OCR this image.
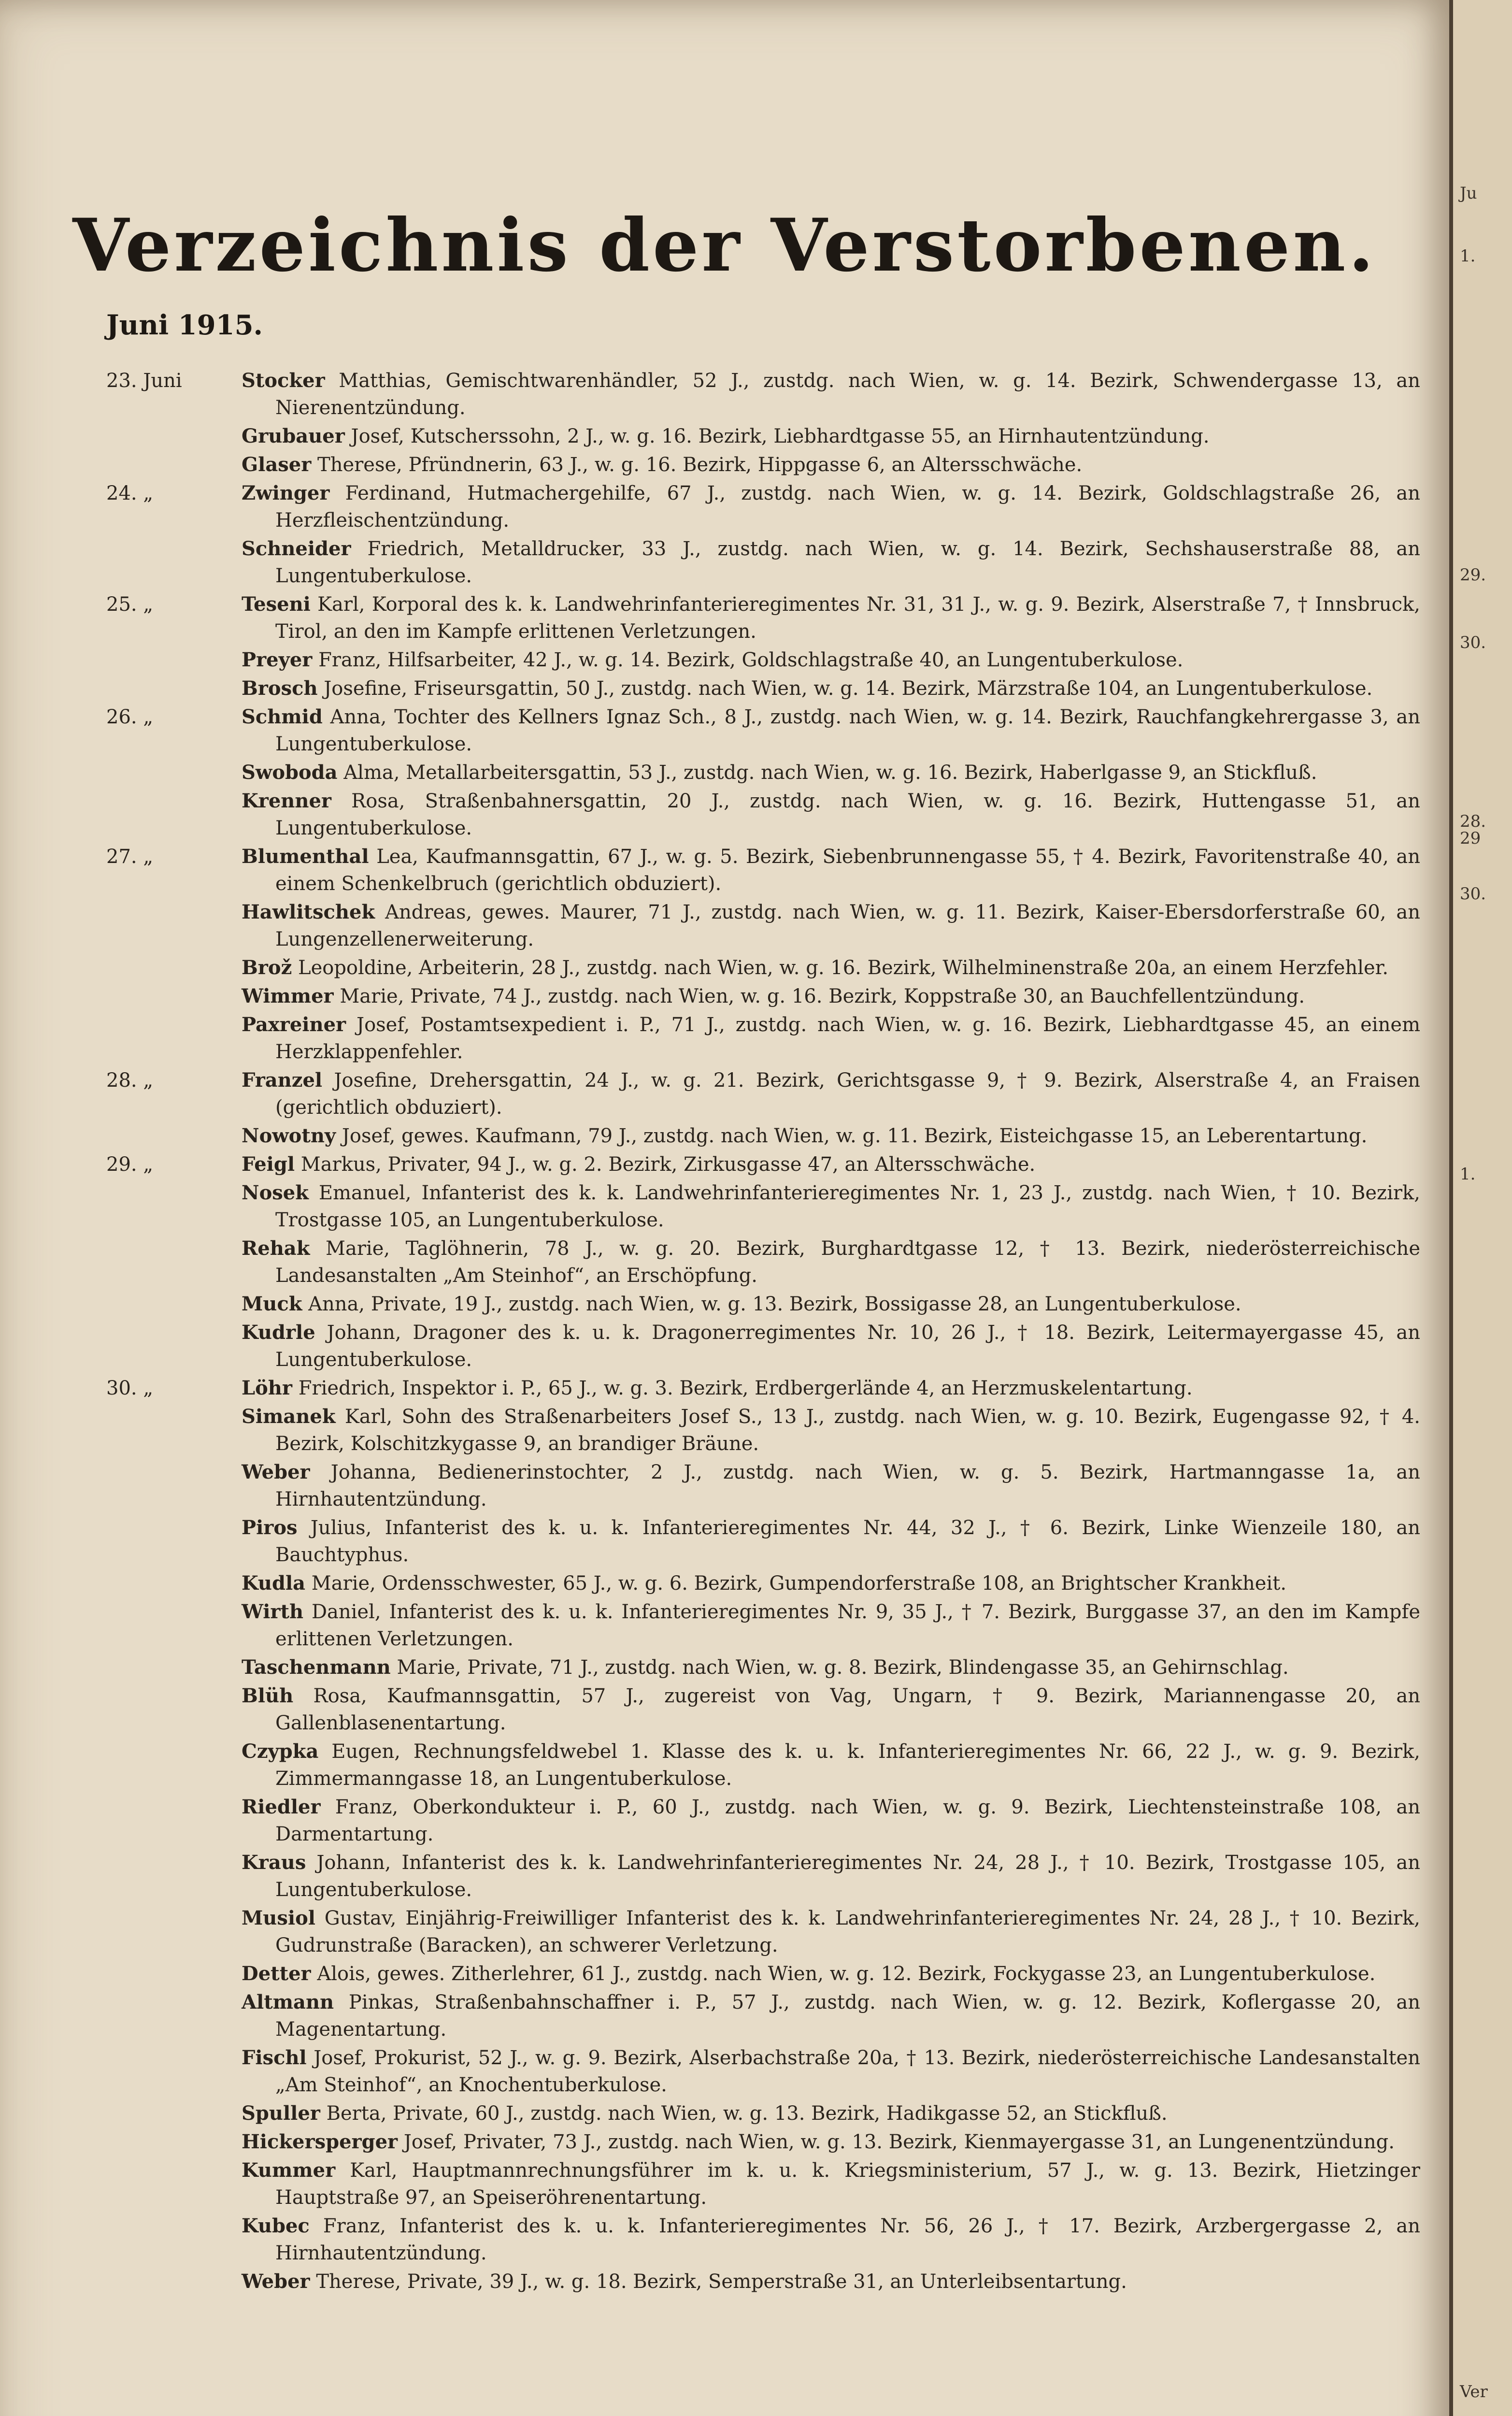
Verzeichnis der Verstorbenen.
Juni 1915.
23. Juni	Stocker Matthias, Gemischtwarenhändler, 52 J., zustdg. nach Wien, w. g. 14. Bezirk, Schwendergasse 13, an Nierenentzündung.
Grubauer Josef, Kutscherssohn, 2 J., w. g. 16. Bezirk, Liebhardtgasse 55, an Hirnhautentzündung.
Glaser Therese, Pfründnerin, 63 J., w. g. 16. Bezirk, Hippgasse 6, an Altersschwäche.
24. „	Zwinger Ferdinand, Hutmachergehilfe, 67 J., zustdg. nach Wien, w. g. 14. Bezirk, Goldschlagstraße 26, an Herzfleischentzündung.
Schneider Friedrich, Metalldrucker, 33 J., zustdg. nach Wien, w. g. 14. Bezirk, Sechshauserstraße 88, an Lungentuberkulose.
25. „	Teseni Karl, Korporal des k. k. Landwehrinfanterieregimentes Nr. 31, 31 J., w. g. 9. Bezirk, Alserstraße 7, † Innsbruck, Tirol, an den im Kampfe erlittenen Verletzungen.
Preyer Franz, Hilfsarbeiter, 42 J., w. g. 14. Bezirk, Goldschlagstraße 40, an Lungentuberkulose.
Brosch Josefine, Friseursgattin, 50 J., zustdg. nach Wien, w. g. 14. Bezirk, Märzstraße 104, an Lungentuberkulose.
26. „	Schmid Anna, Tochter des Kellners Ignaz Sch., 8 J., zustdg. nach Wien, w. g. 14. Bezirk, Rauchfangkehrergasse 3, an Lungentuberkulose.
Swoboda Alma, Metallarbeitersgattin, 53 J., zustdg. nach Wien, w. g. 16. Bezirk, Haberlgasse 9, an Stickfluß.
Krenner Rosa, Straßenbahnersgattin, 20 J., zustdg. nach Wien, w. g. 16. Bezirk, Huttengasse 51, an Lungentuberkulose.
27. „	Blumenthal Lea, Kaufmannsgattin, 67 J., w. g. 5. Bezirk, Siebenbrunnengasse 55, † 4. Bezirk, Favoritenstraße 40, an einem Schenkelbruch (gerichtlich obduziert).
Hawlitschek Andreas, gewes. Maurer, 71 J., zustdg. nach Wien, w. g. 11. Bezirk, Kaiser-Ebersdorferstraße 60, an Lungenzellenerweiterung.
Brož Leopoldine, Arbeiterin, 28 J., zustdg. nach Wien, w. g. 16. Bezirk, Wilhelminenstraße 20a, an einem Herzfehler.
Wimmer Marie, Private, 74 J., zustdg. nach Wien, w. g. 16. Bezirk, Koppstraße 30, an Bauchfellentzündung.
Paxreiner Josef, Postamtsexpedient i. P., 71 J., zustdg. nach Wien, w. g. 16. Bezirk, Liebhardtgasse 45, an einem Herzklappenfehler.
28. „	Franzel Josefine, Drehersgattin, 24 J., w. g. 21. Bezirk, Gerichtsgasse 9, † 9. Bezirk, Alserstraße 4, an Fraisen (gerichtlich obduziert).
Nowotny Josef, gewes. Kaufmann, 79 J., zustdg. nach Wien, w. g. 11. Bezirk, Eisteichgasse 15, an Leberentartung.
29. „	Feigl Markus, Privater, 94 J., w. g. 2. Bezirk, Zirkusgasse 47, an Altersschwäche.
Nosek Emanuel, Infanterist des k. k. Landwehrinfanterieregimentes Nr. 1, 23 J., zustdg. nach Wien, † 10. Bezirk, Trostgasse 105, an Lungentuberkulose.
Rehak Marie, Taglöhnerin, 78 J., w. g. 20. Bezirk, Burghardtgasse 12, † 13. Bezirk, niederösterreichische Landesanstalten „Am Steinhof“, an Erschöpfung.
Muck Anna, Private, 19 J., zustdg. nach Wien, w. g. 13. Bezirk, Bossigasse 28, an Lungentuberkulose.
Kudrle Johann, Dragoner des k. u. k. Dragonerregimentes Nr. 10, 26 J., † 18. Bezirk, Leitermayergasse 45, an Lungentuberkulose.
30. „	Löhr Friedrich, Inspektor i. P., 65 J., w. g. 3. Bezirk, Erdbergerlände 4, an Herzmuskelentartung.
Simanek Karl, Sohn des Straßenarbeiters Josef S., 13 J., zustdg. nach Wien, w. g. 10. Bezirk, Eugengasse 92, † 4. Bezirk, Kolschitzkygasse 9, an brandiger Bräune.
Weber Johanna, Bedienerinstochter, 2 J., zustdg. nach Wien, w. g. 5. Bezirk, Hartmanngasse 1a, an Hirnhautentzündung.
Piros Julius, Infanterist des k. u. k. Infanterieregimentes Nr. 44, 32 J., † 6. Bezirk, Linke Wienzeile 180, an Bauchtyphus.
Kudla Marie, Ordensschwester, 65 J., w. g. 6. Bezirk, Gumpendorferstraße 108, an Brightscher Krankheit.
Wirth Daniel, Infanterist des k. u. k. Infanterieregimentes Nr. 9, 35 J., † 7. Bezirk, Burggasse 37, an den im Kampfe erlittenen Verletzungen.
Taschenmann Marie, Private, 71 J., zustdg. nach Wien, w. g. 8. Bezirk, Blindengasse 35, an Gehirnschlag.
Blüh Rosa, Kaufmannsgattin, 57 J., zugereist von Vag, Ungarn, † 9. Bezirk, Mariannengasse 20, an Gallenblasenentartung.
Czypka Eugen, Rechnungsfeldwebel 1. Klasse des k. u. k. Infanterieregimentes Nr. 66, 22 J., w. g. 9. Bezirk, Zimmermanngasse 18, an Lungentuberkulose.
Riedler Franz, Oberkondukteur i. P., 60 J., zustdg. nach Wien, w. g. 9. Bezirk, Liechtensteinstraße 108, an Darmentartung.
Kraus Johann, Infanterist des k. k. Landwehrinfanterieregimentes Nr. 24, 28 J., † 10. Bezirk, Trostgasse 105, an Lungentuberkulose.
Musiol Gustav, Einjährig-Freiwilliger Infanterist des k. k. Landwehrinfanterieregimentes Nr. 24, 28 J., † 10. Bezirk, Gudrunstraße (Baracken), an schwerer Verletzung.
Detter Alois, gewes. Zitherlehrer, 61 J., zustdg. nach Wien, w. g. 12. Bezirk, Fockygasse 23, an Lungentuberkulose.
Altmann Pinkas, Straßenbahnschaffner i. P., 57 J., zustdg. nach Wien, w. g. 12. Bezirk, Koflergasse 20, an Magenentartung.
Fischl Josef, Prokurist, 52 J., w. g. 9. Bezirk, Alserbachstraße 20a, † 13. Bezirk, niederösterreichische Landesanstalten „Am Steinhof“, an Knochentuberkulose.
Spuller Berta, Private, 60 J., zustdg. nach Wien, w. g. 13. Bezirk, Hadikgasse 52, an Stickfluß.
Hickersperger Josef, Privater, 73 J., zustdg. nach Wien, w. g. 13. Bezirk, Kienmayergasse 31, an Lungenentzündung.
Kummer Karl, Hauptmannrechnungsführer im k. u. k. Kriegsministerium, 57 J., w. g. 13. Bezirk, Hietzinger Hauptstraße 97, an Speiseröhrenentartung.
Kubec Franz, Infanterist des k. u. k. Infanterieregimentes Nr. 56, 26 J., † 17. Bezirk, Arzbergergasse 2, an Hirnhautentzündung.
Weber Therese, Private, 39 J., w. g. 18. Bezirk, Semperstraße 31, an Unterleibsentartung.
Ju
1.
29.
30.
28.
29
30.
1.
Ver
